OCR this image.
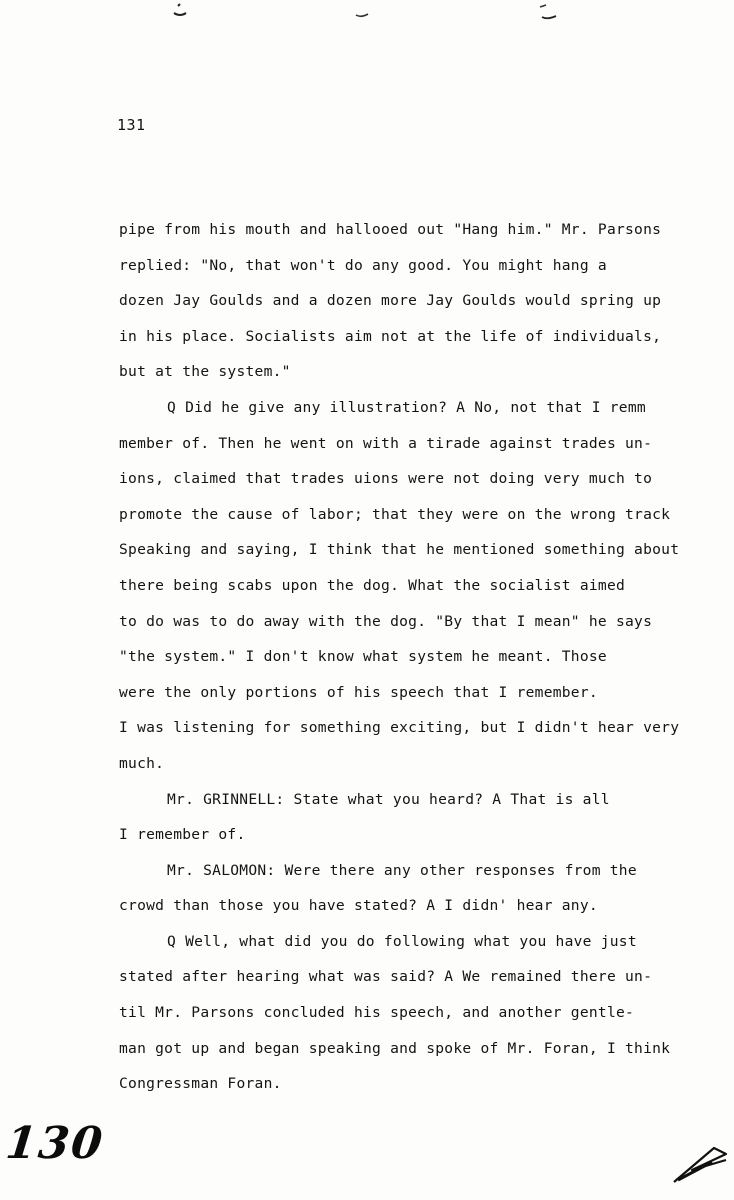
131
pipe from his mouth and hallooed out "Hang him." Mr. Parsons
replied: "No, that won't do any good. You might hang a
dozen Jay Goulds and a dozen more Jay Goulds would spring up
in his place. Socialists aim not at the life of individuals,
but at the system."
Q Did he give any illustration? A No, not that I remm
member of. Then he went on with a tirade against trades un-
ions, claimed that trades uions were not doing very much to
promote the cause of labor; that they were on the wrong track
Speaking and saying, I think that he mentioned something about
there being scabs upon the dog. What the socialist aimed
to do was to do away with the dog. "By that I mean" he says
"the system." I don't know what system he meant. Those
were the only portions of his speech that I remember.
I was listening for something exciting, but I didn't hear very
much.
Mr. GRINNELL: State what you heard? A That is all
I remember of.
Mr. SALOMON: Were there any other responses from the
crowd than those you have stated? A I didn' hear any.
Q Well, what did you do following what you have just
stated after hearing what was said? A We remained there un-
til Mr. Parsons concluded his speech, and another gentle-
man got up and began speaking and spoke of Mr. Foran, I think
Congressman Foran.
130
